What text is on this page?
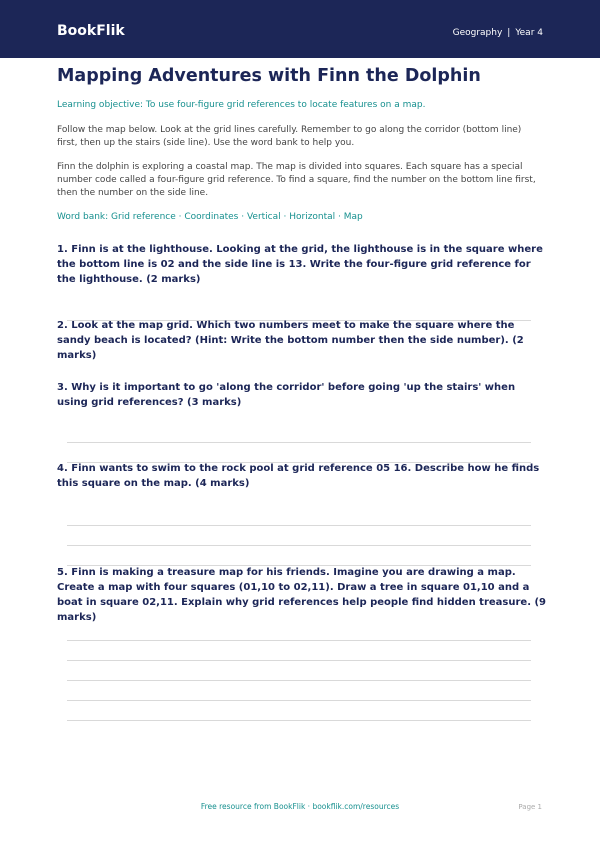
BookFlik	Geography | Year 4
Mapping Adventures with Finn the Dolphin
Learning objective: To use four-figure grid references to locate features on a map.
Follow the map below. Look at the grid lines carefully. Remember to go along the corridor (bottom line) first, then up the stairs (side line). Use the word bank to help you.
Finn the dolphin is exploring a coastal map. The map is divided into squares. Each square has a special number code called a four-figure grid reference. To find a square, find the number on the bottom line first, then the number on the side line.
Word bank: Grid reference · Coordinates · Vertical · Horizontal · Map
1. Finn is at the lighthouse. Looking at the grid, the lighthouse is in the square where the bottom line is 02 and the side line is 13. Write the four-figure grid reference for the lighthouse. (2 marks)
2. Look at the map grid. Which two numbers meet to make the square where the sandy beach is located? (Hint: Write the bottom number then the side number). (2 marks)
3. Why is it important to go 'along the corridor' before going 'up the stairs' when using grid references? (3 marks)
4. Finn wants to swim to the rock pool at grid reference 05 16. Describe how he finds this square on the map. (4 marks)
5. Finn is making a treasure map for his friends. Imagine you are drawing a map. Create a map with four squares (01,10 to 02,11). Draw a tree in square 01,10 and a boat in square 02,11. Explain why grid references help people find hidden treasure. (9 marks)
Free resource from BookFlik · bookflik.com/resources	Page 1
